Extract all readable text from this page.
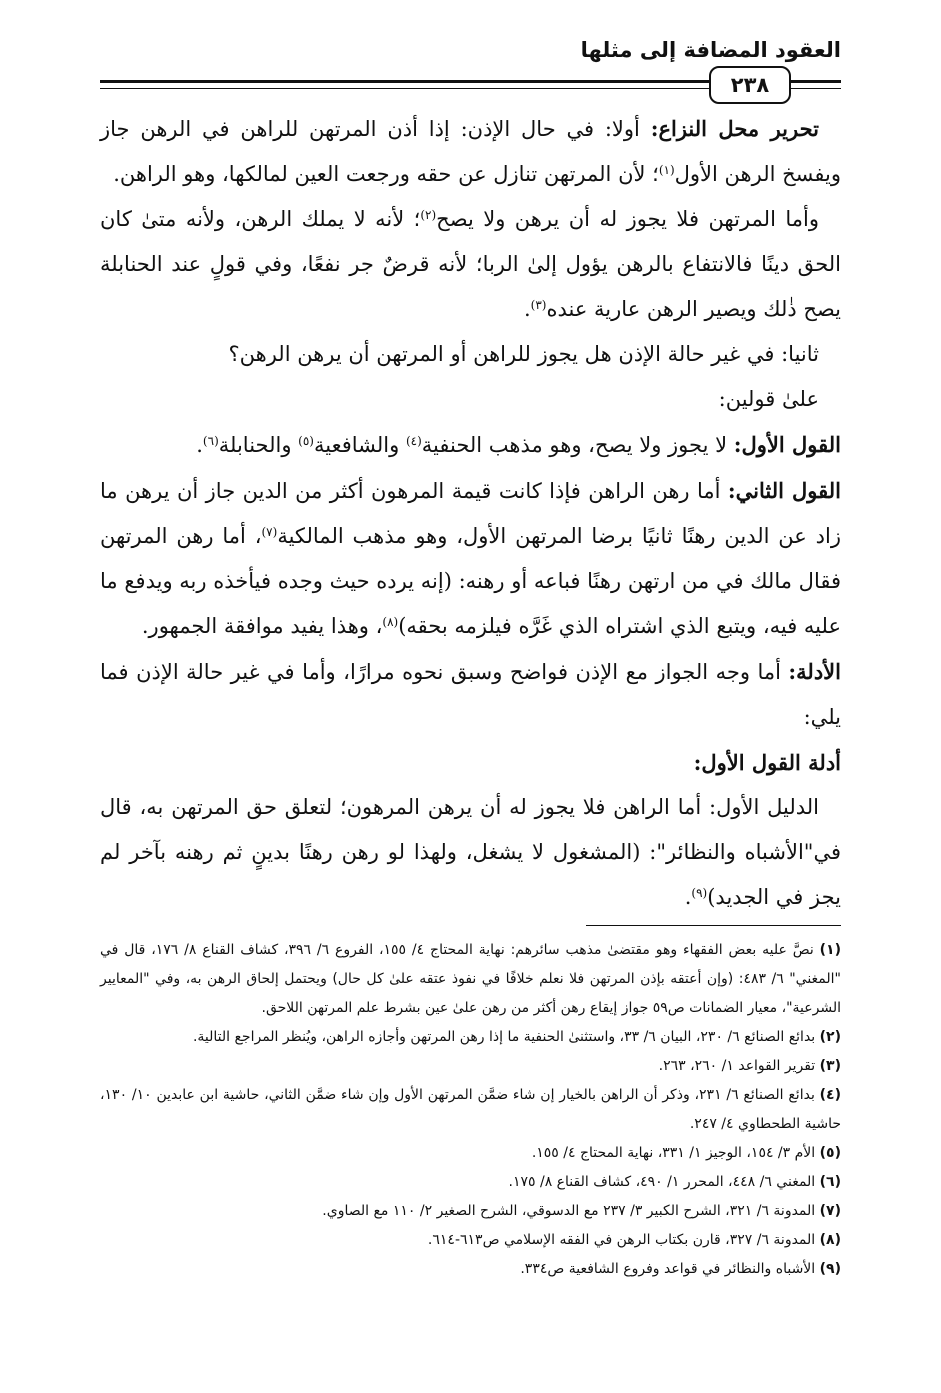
العقود المضافة إلى مثلها
٢٣٨

تحرير محل النزاع: أولا: في حال الإذن: إذا أذن المرتهن للراهن في الرهن جاز ويفسخ الرهن الأول$^{(١)}$؛ لأن المرتهن تنازل عن حقه ورجعت العين لمالكها، وهو الراهن.

وأما المرتهن فلا يجوز له أن يرهن ولا يصح$^{(٢)}$؛ لأنه لا يملك الرهن، ولأنه متىٰ كان الحق دينًا فالانتفاع بالرهن يؤول إلىٰ الربا؛ لأنه قرضٌ جر نفعًا، وفي قولٍ عند الحنابلة يصح ذٰلك ويصير الرهن عارية عنده$^{(٣)}$.

ثانيا: في غير حالة الإذن هل يجوز للراهن أو المرتهن أن يرهن الرهن؟

علىٰ قولين:

القول الأول: لا يجوز ولا يصح، وهو مذهب الحنفية$^{(٤)}$ والشافعية$^{(٥)}$ والحنابلة$^{(٦)}$.

القول الثاني: أما رهن الراهن فإذا كانت قيمة المرهون أكثر من الدين جاز أن يرهن ما زاد عن الدين رهنًا ثانيًا برضا المرتهن الأول، وهو مذهب المالكية$^{(٧)}$، أما رهن المرتهن فقال مالك في من ارتهن رهنًا فباعه أو رهنه: (إنه يرده حيث وجده فيأخذه ربه ويدفع ما عليه فيه، ويتبع الذي اشتراه الذي غَرَّه فيلزمه بحقه)$^{(٨)}$، وهذا يفيد موافقة الجمهور.

الأدلة: أما وجه الجواز مع الإذن فواضح وسبق نحوه مرارًا، وأما في غير حالة الإذن فما يلي:

أدلة القول الأول:

الدليل الأول: أما الراهن فلا يجوز له أن يرهن المرهون؛ لتعلق حق المرتهن به، قال في"الأشباه والنظائر": (المشغول لا يشغل، ولهذا لو رهن رهنًا بدينٍ ثم رهنه بآخر لم يجز في الجديد)$^{(٩)}$.

(١) نصَّ عليه بعض الفقهاء وهو مقتضىٰ مذهب سائرهم: نهاية المحتاج ٤/ ١٥٥، الفروع ٦/ ٣٩٦، كشاف القناع ٨/ ١٧٦، قال في "المغني" ٦/ ٤٨٣: (وإن أعتقه بإذن المرتهن فلا نعلم خلافًا في نفوذ عتقه علىٰ كل حال) ويحتمل إلحاق الرهن به، وفي "المعايير الشرعية"، معيار الضمانات ص٥٩ جواز إيقاع رهن أكثر من رهن علىٰ عين بشرط علم المرتهن اللاحق.

(٢) بدائع الصنائع ٦/ ٢٣٠، البيان ٦/ ٣٣، واستثنىٰ الحنفية ما إذا رهن المرتهن وأجازه الراهن، ويُنظر المراجع التالية.

(٣) تقرير القواعد ١/ ٢٦٠، ٢٦٣.

(٤) بدائع الصنائع ٦/ ٢٣١، وذكر أن الراهن بالخيار إن شاء ضمَّن المرتهن الأول وإن شاء ضمَّن الثاني، حاشية ابن عابدين ١٠/ ١٣٠، حاشية الطحطاوي ٤/ ٢٤٧.

(٥) الأم ٣/ ١٥٤، الوجيز ١/ ٣٣١، نهاية المحتاج ٤/ ١٥٥.

(٦) المغني ٦/ ٤٤٨، المحرر ١/ ٤٩٠، كشاف القناع ٨/ ١٧٥.

(٧) المدونة ٦/ ٣٢١، الشرح الكبير ٣/ ٢٣٧ مع الدسوقي، الشرح الصغير ٢/ ١١٠ مع الصاوي.

(٨) المدونة ٦/ ٣٢٧، قارن بكتاب الرهن في الفقه الإسلامي ص٦١٣-٦١٤.

(٩) الأشباه والنظائر في قواعد وفروع الشافعية ص٣٣٤.
